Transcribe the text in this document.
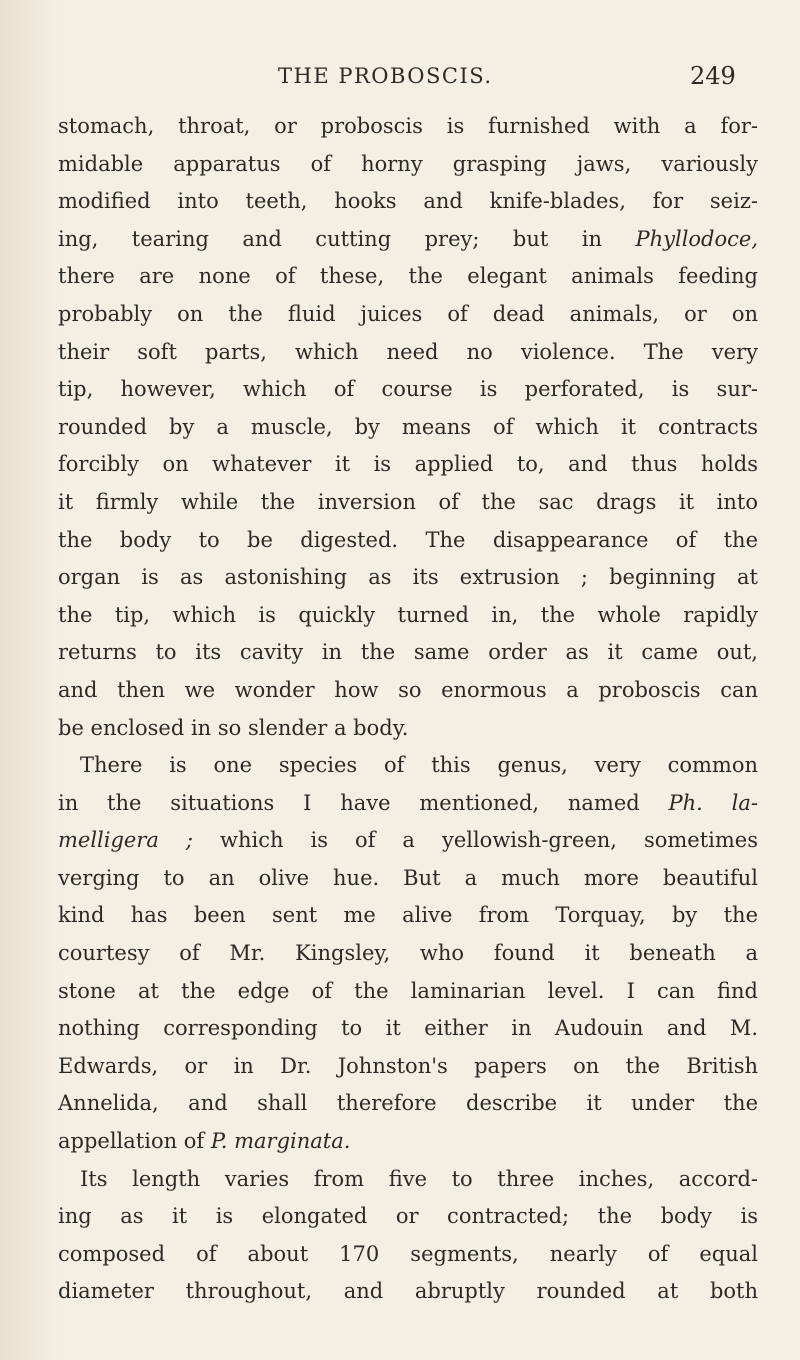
THE PROBOSCIS.	249
stomach, throat, or proboscis is furnished with a for-
midable apparatus of horny grasping jaws, variously
modified into teeth, hooks and knife-blades, for seiz-
ing, tearing and cutting prey; but in Phyllodoce,
there are none of these, the elegant animals feeding
probably on the fluid juices of dead animals, or on
their soft parts, which need no violence. The very
tip, however, which of course is perforated, is sur-
rounded by a muscle, by means of which it contracts
forcibly on whatever it is applied to, and thus holds
it firmly while the inversion of the sac drags it into
the body to be digested. The disappearance of the
organ is as astonishing as its extrusion ; beginning at
the tip, which is quickly turned in, the whole rapidly
returns to its cavity in the same order as it came out,
and then we wonder how so enormous a proboscis can
be enclosed in so slender a body.
There is one species of this genus, very common
in the situations I have mentioned, named Ph. la-
melligera ; which is of a yellowish-green, sometimes
verging to an olive hue. But a much more beautiful
kind has been sent me alive from Torquay, by the
courtesy of Mr. Kingsley, who found it beneath a
stone at the edge of the laminarian level. I can find
nothing corresponding to it either in Audouin and M.
Edwards, or in Dr. Johnston's papers on the British
Annelida, and shall therefore describe it under the
appellation of P. marginata.
Its length varies from five to three inches, accord-
ing as it is elongated or contracted; the body is
composed of about 170 segments, nearly of equal
diameter throughout, and abruptly rounded at both
